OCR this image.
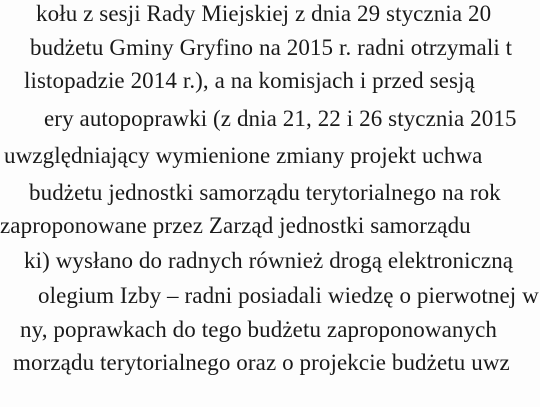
kołu z sesji Rady Miejskiej z dnia 29 stycznia 20
budżetu Gminy Gryfino na 2015 r. radni otrzymali t
listopadzie 2014 r.), a na komisjach i przed sesją
ery autopoprawki (z dnia 21, 22 i 26 stycznia 2015
uwzględniający wymienione zmiany projekt uchwa
budżetu jednostki samorządu terytorialnego na rok
zaproponowane przez Zarząd jednostki samorządu
ki) wysłano do radnych również drogą elektroniczną
olegium Izby – radni posiadali wiedzę o pierwotnej w
ny, poprawkach do tego budżetu zaproponowanych
morządu terytorialnego oraz o projekcie budżetu uwz
